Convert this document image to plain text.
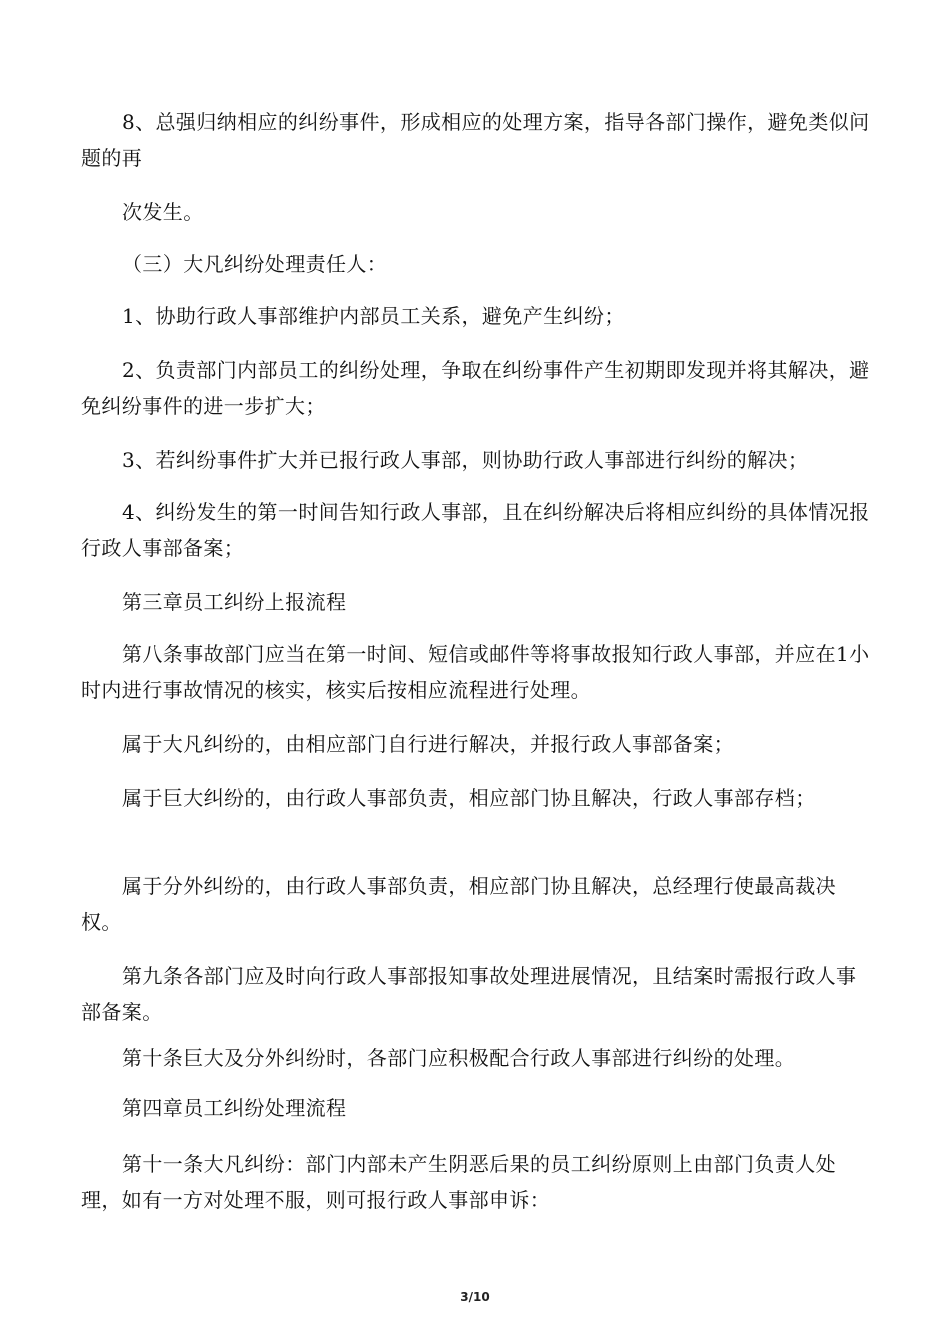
8、总强归纳相应的纠纷事件，形成相应的处理方案，指导各部门操作，避免类似问题的再

次发生。

（三）大凡纠纷处理责任人：

1、协助行政人事部维护内部员工关系，避免产生纠纷；

2、负责部门内部员工的纠纷处理，争取在纠纷事件产生初期即发现并将其解决，避免纠纷事件的进一步扩大；

3、若纠纷事件扩大并已报行政人事部，则协助行政人事部进行纠纷的解决；

4、纠纷发生的第一时间告知行政人事部，且在纠纷解决后将相应纠纷的具体情况报行政人事部备案；

第三章员工纠纷上报流程

第八条事故部门应当在第一时间、短信或邮件等将事故报知行政人事部，并应在1小时内进行事故情况的核实，核实后按相应流程进行处理。

属于大凡纠纷的，由相应部门自行进行解决，并报行政人事部备案；

属于巨大纠纷的，由行政人事部负责，相应部门协且解决，行政人事部存档；

属于分外纠纷的，由行政人事部负责，相应部门协且解决，总经理行使最高裁决权。

第九条各部门应及时向行政人事部报知事故处理进展情况，且结案时需报行政人事部备案。

第十条巨大及分外纠纷时，各部门应积极配合行政人事部进行纠纷的处理。

第四章员工纠纷处理流程

第十一条大凡纠纷：部门内部未产生阴恶后果的员工纠纷原则上由部门负责人处理，如有一方对处理不服，则可报行政人事部申诉：

3/10
